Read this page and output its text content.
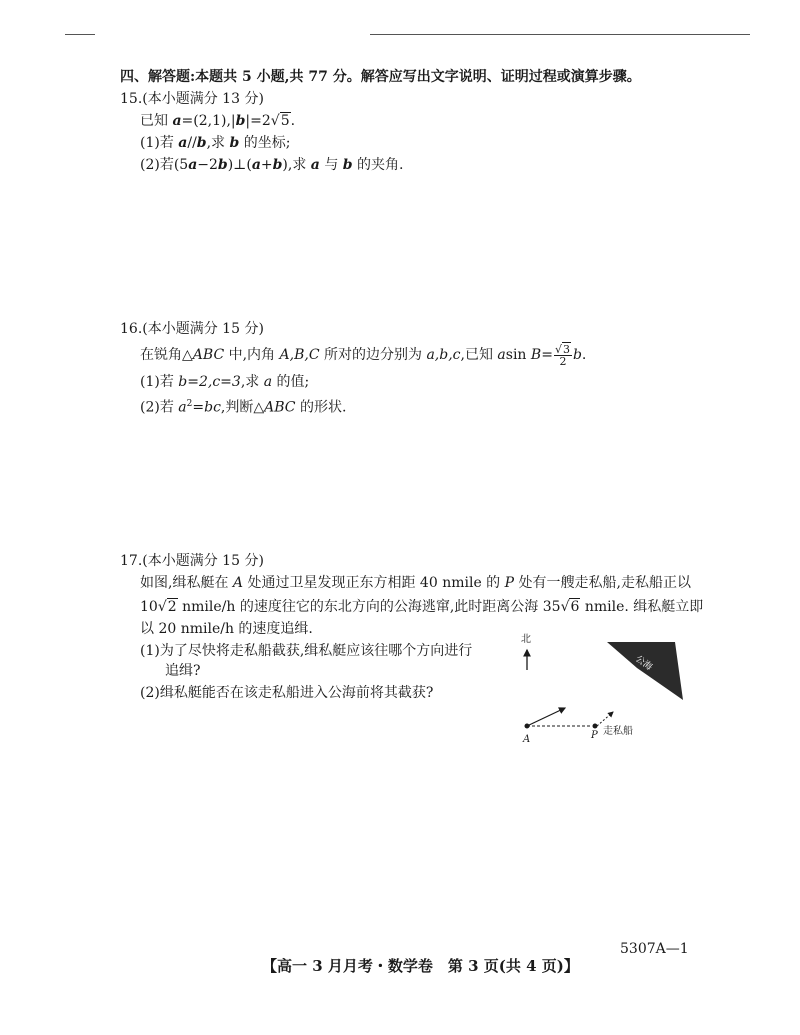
四、解答题:本题共 5 小题,共 77 分。解答应写出文字说明、证明过程或演算步骤。
15.(本小题满分 13 分)
已知 a=(2,1),|b|=2√5.
(1)若 a//b,求 b 的坐标;
(2)若(5a−2b)⊥(a+b),求 a 与 b 的夹角.
16.(本小题满分 15 分)
在锐角△ABC 中,内角 A,B,C 所对的边分别为 a,b,c,已知 asin $B= \frac{√3}{2} b$.
(1)若 b=2,c=3,求 a 的值;
(2)若 $a^2=bc$,判断△ABC 的形状.
17.(本小题满分 15 分)
如图,缉私艇在 A 处通过卫星发现正东方相距 40 nmile 的 P 处有一艘走私船,走私船正以
10√2 nmile/h 的速度往它的东北方向的公海逃窜,此时距离公海 35√6 nmile. 缉私艇立即
以 20 nmile/h 的速度追缉.
(1)为了尽快将走私船截获,缉私艇应该往哪个方向进行
追缉?
(2)缉私艇能否在该走私船进入公海前将其截获?
北
公海
A	P 走私船
【高一 3 月月考・数学卷　第 3 页(共 4 页)】
5307A—1
